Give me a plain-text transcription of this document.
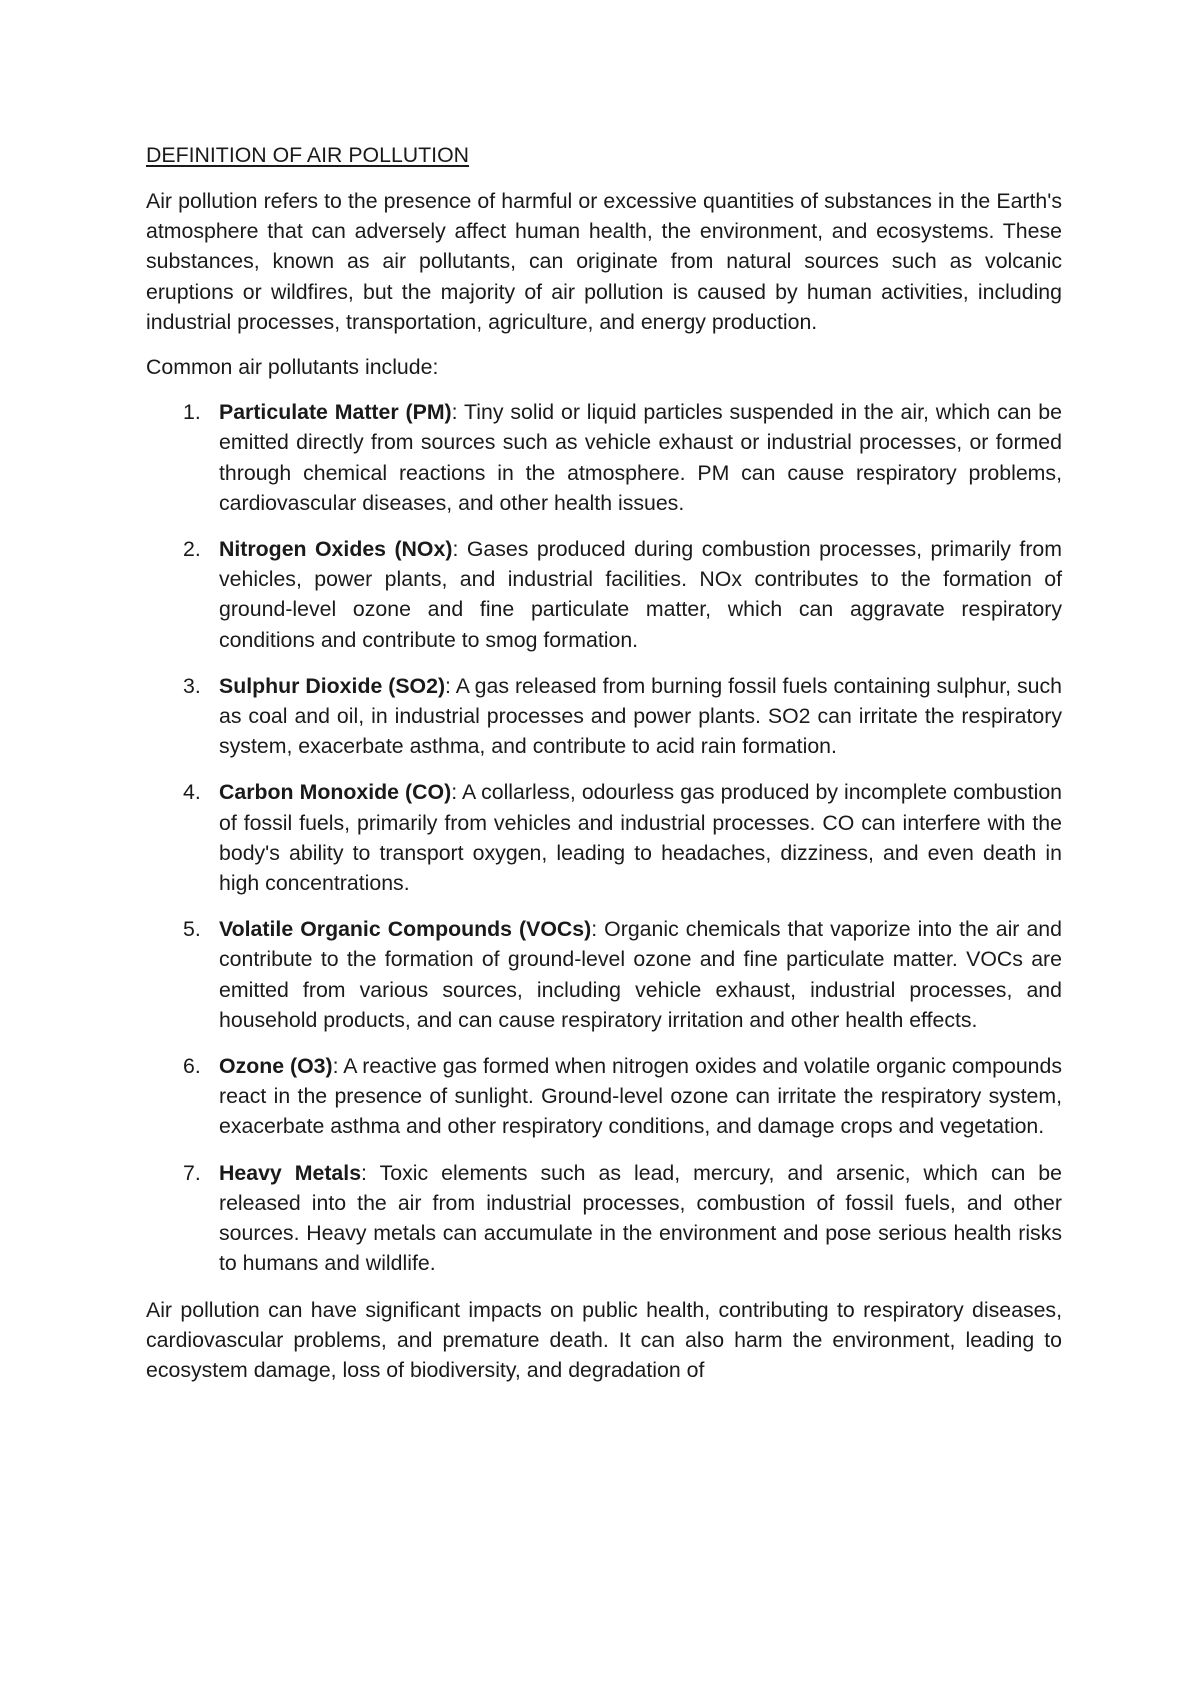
DEFINITION OF AIR POLLUTION

Air pollution refers to the presence of harmful or excessive quantities of substances in the Earth's atmosphere that can adversely affect human health, the environment, and ecosystems. These substances, known as air pollutants, can originate from natural sources such as volcanic eruptions or wildfires, but the majority of air pollution is caused by human activities, including industrial processes, transportation, agriculture, and energy production.

Common air pollutants include:

1. Particulate Matter (PM): Tiny solid or liquid particles suspended in the air, which can be emitted directly from sources such as vehicle exhaust or industrial processes, or formed through chemical reactions in the atmosphere. PM can cause respiratory problems, cardiovascular diseases, and other health issues.
2. Nitrogen Oxides (NOx): Gases produced during combustion processes, primarily from vehicles, power plants, and industrial facilities. NOx contributes to the formation of ground-level ozone and fine particulate matter, which can aggravate respiratory conditions and contribute to smog formation.
3. Sulphur Dioxide (SO2): A gas released from burning fossil fuels containing sulphur, such as coal and oil, in industrial processes and power plants. SO2 can irritate the respiratory system, exacerbate asthma, and contribute to acid rain formation.
4. Carbon Monoxide (CO): A collarless, odourless gas produced by incomplete combustion of fossil fuels, primarily from vehicles and industrial processes. CO can interfere with the body's ability to transport oxygen, leading to headaches, dizziness, and even death in high concentrations.
5. Volatile Organic Compounds (VOCs): Organic chemicals that vaporize into the air and contribute to the formation of ground-level ozone and fine particulate matter. VOCs are emitted from various sources, including vehicle exhaust, industrial processes, and household products, and can cause respiratory irritation and other health effects.
6. Ozone (O3): A reactive gas formed when nitrogen oxides and volatile organic compounds react in the presence of sunlight. Ground-level ozone can irritate the respiratory system, exacerbate asthma and other respiratory conditions, and damage crops and vegetation.
7. Heavy Metals: Toxic elements such as lead, mercury, and arsenic, which can be released into the air from industrial processes, combustion of fossil fuels, and other sources. Heavy metals can accumulate in the environment and pose serious health risks to humans and wildlife.

Air pollution can have significant impacts on public health, contributing to respiratory diseases, cardiovascular problems, and premature death. It can also harm the environment, leading to ecosystem damage, loss of biodiversity, and degradation of
